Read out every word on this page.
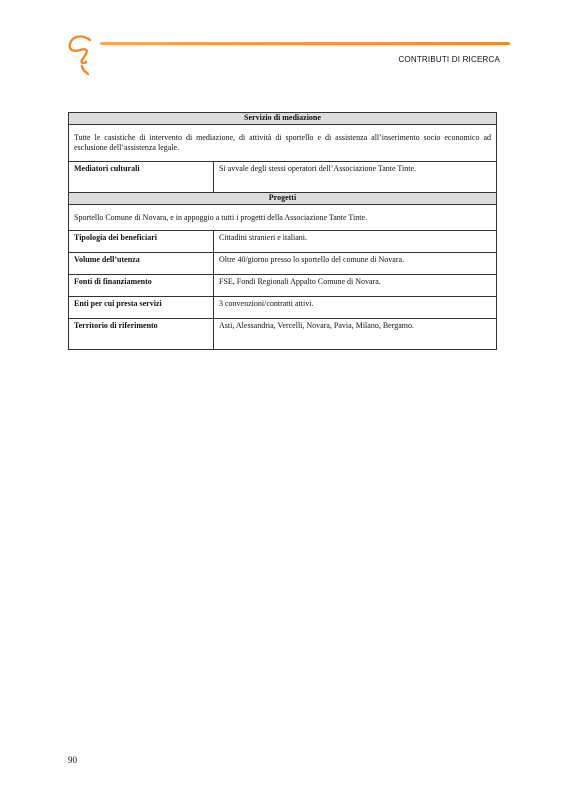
CONTRIBUTI DI RICERCA
Servizio di mediazione	
Tutte le casistiche di intervento di mediazione, di attività di sportello e di assistenza all’inserimento socio economico ad esclusione dell’assistenza legale.	
Mediatori culturali	Si avvale degli stessi operatori dell’Associazione Tante Tinte.
Progetti	
Sportello Comune di Novara, e in appoggio a tutti i progetti della Associazione Tante Tinte.	
Tipologia dei beneficiari	Cittadini stranieri e italiani.
Volume dell’utenza	Oltre 40/giorno presso lo sportello del comune di Novara.
Fonti di finanziamento	FSE, Fondi Regionali Appalto Comune di Novara.
Enti per cui presta servizi	3 convenzioni/contratti attivi.
Territorio di riferimento	Asti, Alessandria, Vercelli, Novara, Pavia, Milano, Bergamo.
90
